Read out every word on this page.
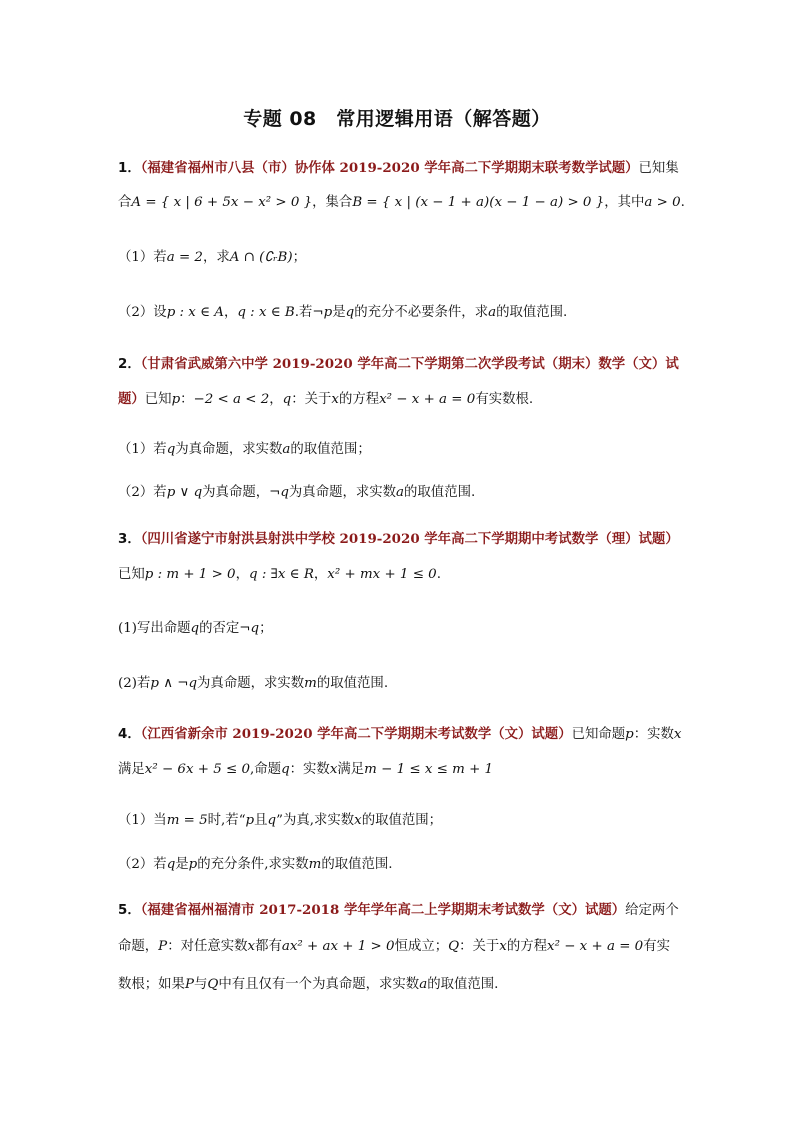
专题 08　常用逻辑用语（解答题）
1．（福建省福州市八县（市）协作体 2019-2020 学年高二下学期期末联考数学试题）已知集
合A = { x | 6 + 5x − x² > 0 }，集合B = { x | (x − 1 + a)(x − 1 − a) > 0 }，其中a > 0.
（1）若a = 2，求A ∩ (∁ᵣB)；
（2）设p : x ∈ A，q : x ∈ B.若¬p是q的充分不必要条件，求a的取值范围.
2．（甘肃省武威第六中学 2019-2020 学年高二下学期第二次学段考试（期末）数学（文）试
题）已知p：−2 < a < 2，q：关于x的方程x² − x + a = 0有实数根.
（1）若q为真命题，求实数a的取值范围；
（2）若p ∨ q为真命题，¬q为真命题，求实数a的取值范围.
3．（四川省遂宁市射洪县射洪中学校 2019-2020 学年高二下学期期中考试数学（理）试题）
已知p : m + 1 > 0，q : ∃x ∈ R，x² + mx + 1 ≤ 0.
(1)写出命题q的否定¬q；
(2)若p ∧ ¬q为真命题，求实数m的取值范围.
4．（江西省新余市 2019-2020 学年高二下学期期末考试数学（文）试题）已知命题p：实数x
满足x² − 6x + 5 ≤ 0,命题q：实数x满足m − 1 ≤ x ≤ m + 1
（1）当m = 5时,若“p且q”为真,求实数x的取值范围；
（2）若q是p的充分条件,求实数m的取值范围.
5．（福建省福州福清市 2017-2018 学年学年高二上学期期末考试数学（文）试题）给定两个
命题，P：对任意实数x都有ax² + ax + 1 > 0恒成立；Q：关于x的方程x² − x + a = 0有实
数根；如果P与Q中有且仅有一个为真命题，求实数a的取值范围.
